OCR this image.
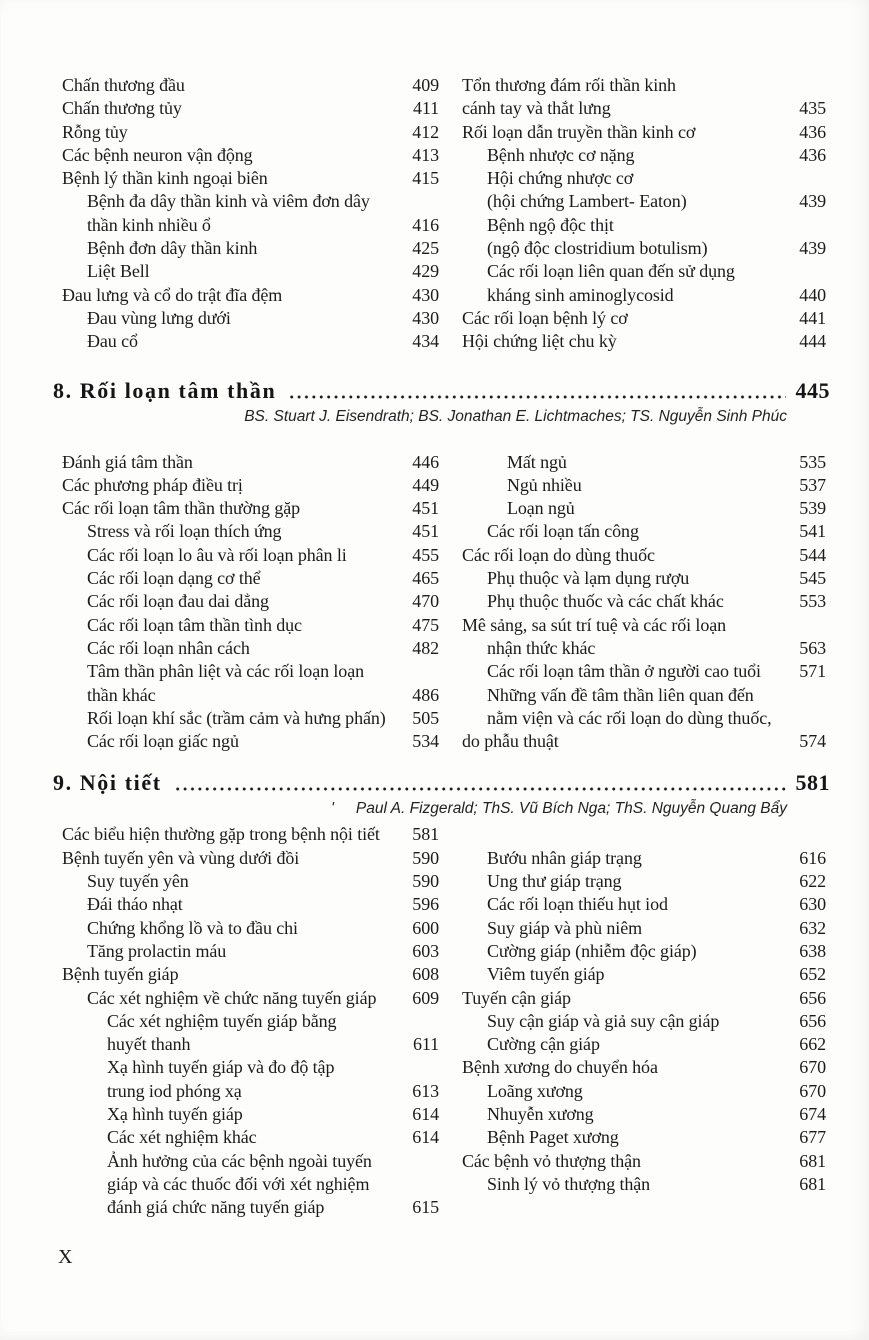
Chấn thương đầu	409
Chấn thương tủy	411
Rỗng tủy	412
Các bệnh neuron vận động	413
Bệnh lý thần kinh ngoại biên	415
Bệnh đa dây thần kinh và viêm đơn dây
thần kinh nhiều ổ	416
Bệnh đơn dây thần kinh	425
Liệt Bell	429
Đau lưng và cổ do trật đĩa đệm	430
Đau vùng lưng dưới	430
Đau cổ	434
Tổn thương đám rối thần kinh
cánh tay và thắt lưng	435
Rối loạn dẫn truyền thần kinh cơ	436
Bệnh nhược cơ nặng	436
Hội chứng nhược cơ
(hội chứng Lambert- Eaton)	439
Bệnh ngộ độc thịt
(ngộ độc clostridium botulism)	439
Các rối loạn liên quan đến sử dụng
kháng sinh aminoglycosid	440
Các rối loạn bệnh lý cơ	441
Hội chứng liệt chu kỳ	444
8. Rối loạn tâm thần	445
BS. Stuart J. Eisendrath; BS. Jonathan E. Lichtmaches; TS. Nguyễn Sinh Phúc
Đánh giá tâm thần	446
Các phương pháp điều trị	449
Các rối loạn tâm thần thường gặp	451
Stress và rối loạn thích ứng	451
Các rối loạn lo âu và rối loạn phân li	455
Các rối loạn dạng cơ thể	465
Các rối loạn đau dai dẳng	470
Các rối loạn tâm thần tình dục	475
Các rối loạn nhân cách	482
Tâm thần phân liệt và các rối loạn loạn
thần khác	486
Rối loạn khí sắc (trầm cảm và hưng phấn)	505
Các rối loạn giấc ngủ	534
Mất ngủ	535
Ngủ nhiều	537
Loạn ngủ	539
Các rối loạn tấn công	541
Các rối loạn do dùng thuốc	544
Phụ thuộc và lạm dụng rượu	545
Phụ thuộc thuốc và các chất khác	553
Mê sảng, sa sút trí tuệ và các rối loạn
nhận thức khác	563
Các rối loạn tâm thần ở người cao tuổi	571
Những vấn đề tâm thần liên quan đến
nằm viện và các rối loạn do dùng thuốc,
do phẫu thuật	574
9. Nội tiết	581
' Paul A. Fizgerald; ThS. Vũ Bích Nga; ThS. Nguyễn Quang Bẩy
Các biểu hiện thường gặp trong bệnh nội tiết	581
Bệnh tuyến yên và vùng dưới đồi	590
Suy tuyến yên	590
Đái tháo nhạt	596
Chứng khổng lồ và to đầu chi	600
Tăng prolactin máu	603
Bệnh tuyến giáp	608
Các xét nghiệm về chức năng tuyến giáp	609
Các xét nghiệm tuyến giáp bằng
huyết thanh	611
Xạ hình tuyến giáp và đo độ tập
trung iod phóng xạ	613
Xạ hình tuyến giáp	614
Các xét nghiệm khác	614
Ảnh hưởng của các bệnh ngoài tuyến
giáp và các thuốc đối với xét nghiệm
đánh giá chức năng tuyến giáp	615
Bướu nhân giáp trạng	616
Ung thư giáp trạng	622
Các rối loạn thiếu hụt iod	630
Suy giáp và phù niêm	632
Cường giáp (nhiễm độc giáp)	638
Viêm tuyến giáp	652
Tuyến cận giáp	656
Suy cận giáp và giả suy cận giáp	656
Cường cận giáp	662
Bệnh xương do chuyển hóa	670
Loãng xương	670
Nhuyễn xương	674
Bệnh Paget xương	677
Các bệnh vỏ thượng thận	681
Sinh lý vỏ thượng thận	681
X
